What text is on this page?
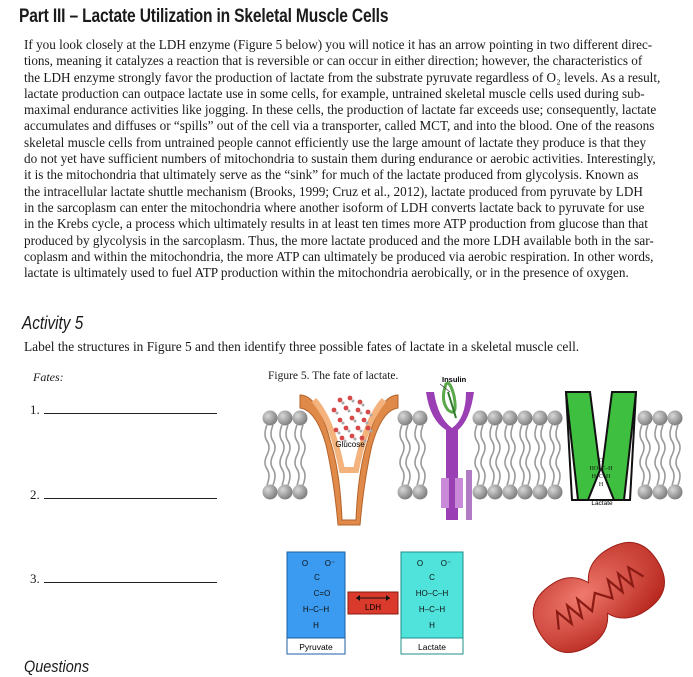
Part III – Lactate Utilization in Skeletal Muscle Cells
If you look closely at the LDH enzyme (Figure 5 below) you will notice it has an arrow pointing in two different direc-
tions, meaning it catalyzes a reaction that is reversible or can occur in either direction; however, the characteristics of
the LDH enzyme strongly favor the production of lactate from the substrate pyruvate regardless of O₂ levels. As a result,
lactate production can outpace lactate use in some cells, for example, untrained skeletal muscle cells used during sub-
maximal endurance activities like jogging. In these cells, the production of lactate far exceeds use; consequently, lactate
accumulates and diffuses or “spills” out of the cell via a transporter, called MCT, and into the blood. One of the reasons
skeletal muscle cells from untrained people cannot efficiently use the large amount of lactate they produce is that they
do not yet have sufficient numbers of mitochondria to sustain them during endurance or aerobic activities. Interestingly,
it is the mitochondria that ultimately serve as the “sink” for much of the lactate produced from glycolysis. Known as
the intracellular lactate shuttle mechanism (Brooks, 1999; Cruz et al., 2012), lactate produced from pyruvate by LDH
in the sarcoplasm can enter the mitochondria where another isoform of LDH converts lactate back to pyruvate for use
in the Krebs cycle, a process which ultimately results in at least ten times more ATP production from glucose than that
produced by glycolysis in the sarcoplasm. Thus, the more lactate produced and the more LDH available both in the sar-
coplasm and within the mitochondria, the more ATP can ultimately be produced via aerobic respiration. In other words,
lactate is ultimately used to fuel ATP production within the mitochondria aerobically, or in the presence of oxygen.
Activity 5
Label the structures in Figure 5 and then identify three possible fates of lactate in a skeletal muscle cell.
Fates:
1.
2.
3.
Figure 5. The fate of lactate.
Glucose
Insulin
O
HO–C–H
H–C–H
H
Lactate
O O⁻
C
C=O
H–C–H
H
Pyruvate
LDH
O O⁻
C
HO–C–H
H–C–H
H
Lactate
Questions
